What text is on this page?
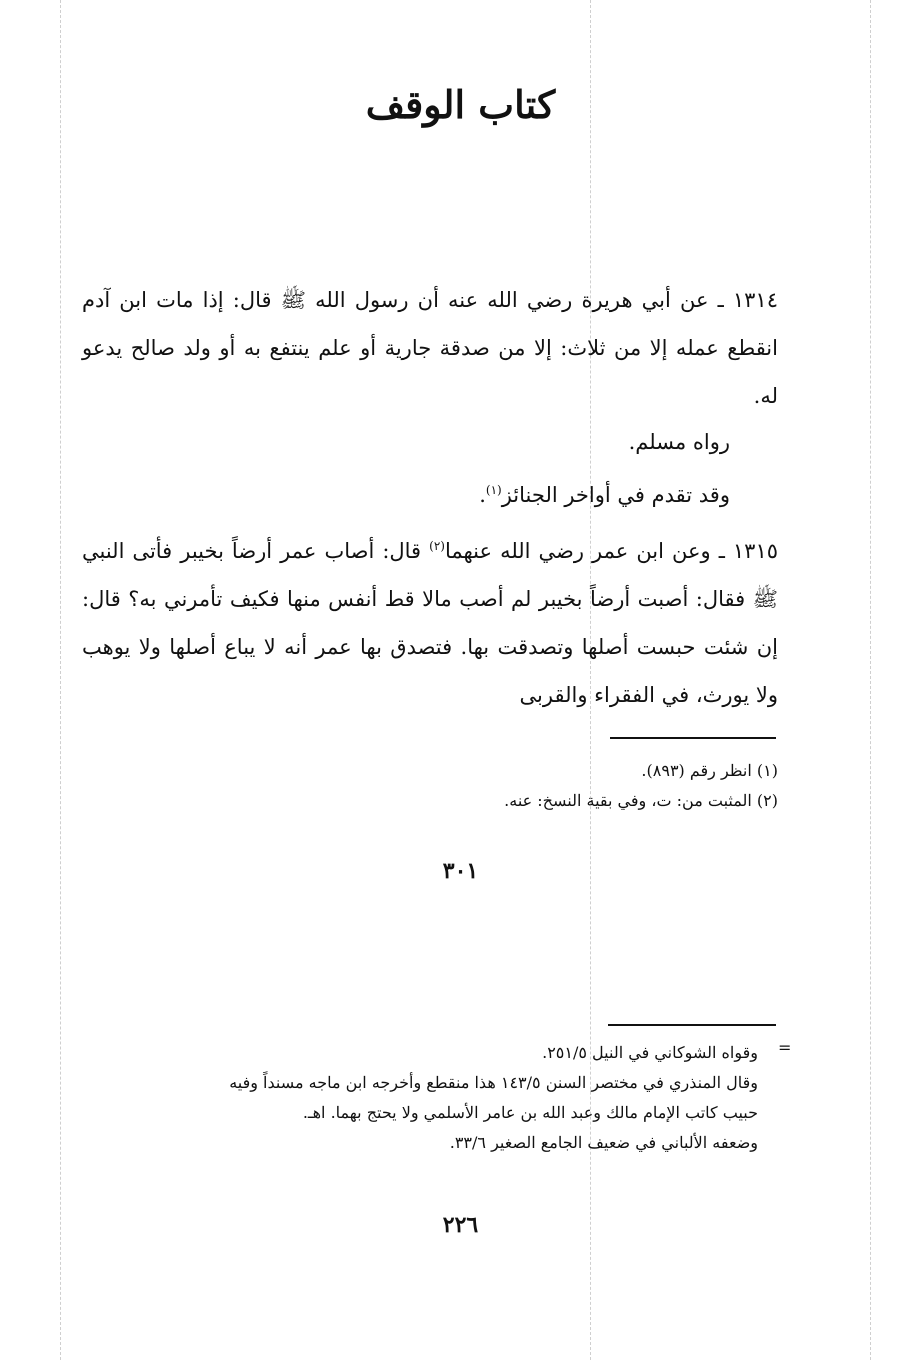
كتاب الوقف

١٣١٤ ـ عن أبي هريرة رضي الله عنه أن رسول الله ﷺ قال: إذا مات ابن آدم انقطع عمله إلا من ثلاث: إلا من صدقة جارية أو علم ينتفع به أو ولد صالح يدعو له.

رواه مسلم.

وقد تقدم في أواخر الجنائز$^{(١)}$.

١٣١٥ ـ وعن ابن عمر رضي الله عنهما$^{(٢)}$ قال: أصاب عمر أرضاً بخيبر فأتى النبي ﷺ فقال: أصبت أرضاً بخيبر لم أصب مالا قط أنفس منها فكيف تأمرني به؟ قال: إن شئت حبست أصلها وتصدقت بها. فتصدق بها عمر أنه لا يباع أصلها ولا يوهب ولا يورث، في الفقراء والقربى

(١) انظر رقم (٨٩٣).

(٢) المثبت من: ت، وفي بقية النسخ: عنه.

٣٠١

=

وقواه الشوكاني في النيل ٢٥١/٥.

وقال المنذري في مختصر السنن ١٤٣/٥ هذا منقطع وأخرجه ابن ماجه مسنداً وفيه

حبيب كاتب الإمام مالك وعبد الله بن عامر الأسلمي ولا يحتج بهما. اهـ.

وضعفه الألباني في ضعيف الجامع الصغير ٣٣/٦.

٢٢٦
